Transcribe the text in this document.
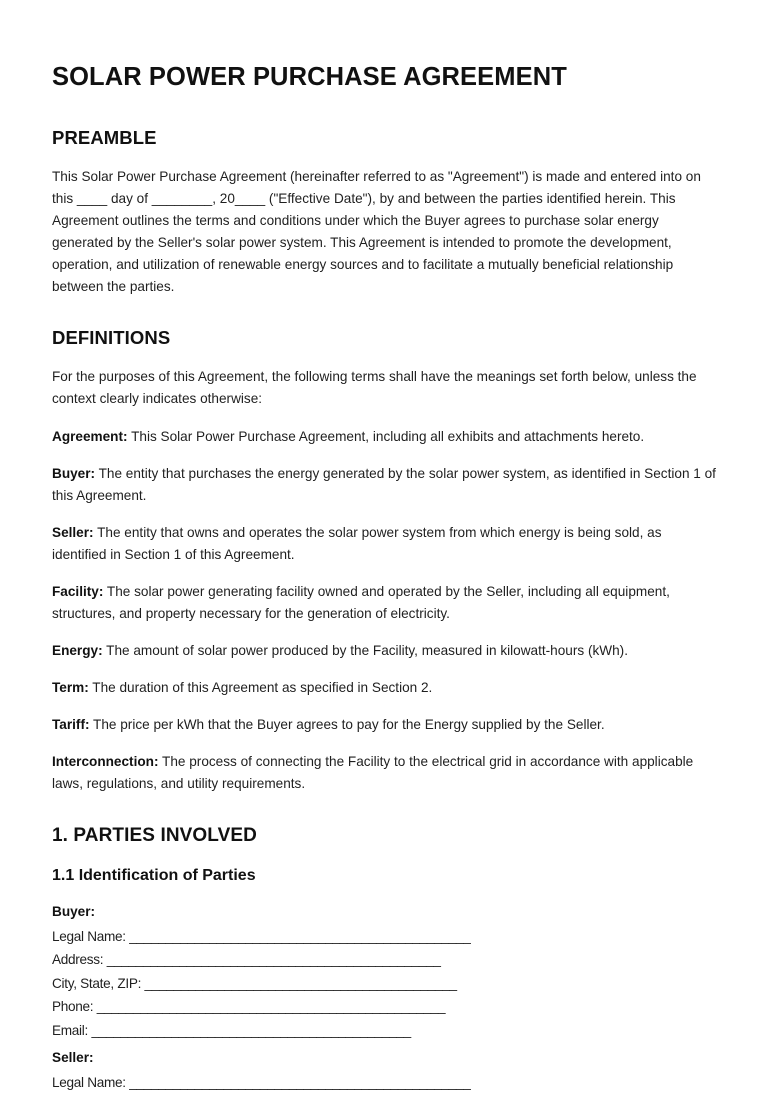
SOLAR POWER PURCHASE AGREEMENT
PREAMBLE

This Solar Power Purchase Agreement (hereinafter referred to as "Agreement") is made and entered into on this ____ day of ________, 20____ ("Effective Date"), by and between the parties identified herein. This Agreement outlines the terms and conditions under which the Buyer agrees to purchase solar energy generated by the Seller's solar power system. This Agreement is intended to promote the development, operation, and utilization of renewable energy sources and to facilitate a mutually beneficial relationship between the parties.

DEFINITIONS

For the purposes of this Agreement, the following terms shall have the meanings set forth below, unless the context clearly indicates otherwise:

Agreement: This Solar Power Purchase Agreement, including all exhibits and attachments hereto.

Buyer: The entity that purchases the energy generated by the solar power system, as identified in Section 1 of this Agreement.

Seller: The entity that owns and operates the solar power system from which energy is being sold, as identified in Section 1 of this Agreement.

Facility: The solar power generating facility owned and operated by the Seller, including all equipment, structures, and property necessary for the generation of electricity.

Energy: The amount of solar power produced by the Facility, measured in kilowatt-hours (kWh).

Term: The duration of this Agreement as specified in Section 2.

Tariff: The price per kWh that the Buyer agrees to pay for the Energy supplied by the Seller.

Interconnection: The process of connecting the Facility to the electrical grid in accordance with applicable laws, regulations, and utility requirements.

1. PARTIES INVOLVED
1.1 Identification of Parties

Buyer:

Legal Name: _______________________________________________

Address: ______________________________________________

City, State, ZIP: ___________________________________________

Phone: ________________________________________________

Email: ____________________________________________

Seller:

Legal Name: _______________________________________________
